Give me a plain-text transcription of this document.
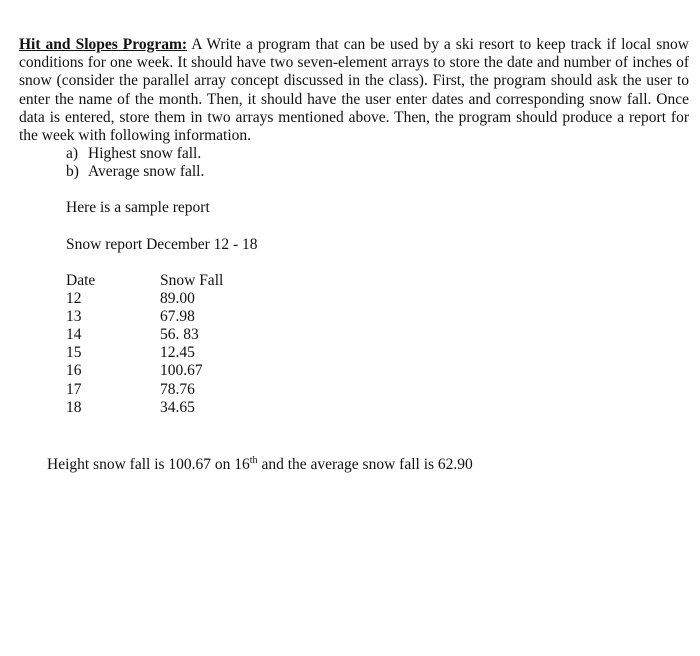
Hit and Slopes Program: A Write a program that can be used by a ski resort to keep track if local snow conditions for one week. It should have two seven-element arrays to store the date and number of inches of snow (consider the parallel array concept discussed in the class). First, the program should ask the user to enter the name of the month. Then, it should have the user enter dates and corresponding snow fall. Once data is entered, store them in two arrays mentioned above. Then, the program should produce a report for the week with following information.

a) Highest snow fall.
b) Average snow fall.

Here is a sample report

Snow report December 12 - 18

Date	Snow Fall
12	89.00
13	67.98
14	56. 83
15	12.45
16	100.67
17	78.76
18	34.65

Height snow fall is 100.67 on 16th and the average snow fall is 62.90
